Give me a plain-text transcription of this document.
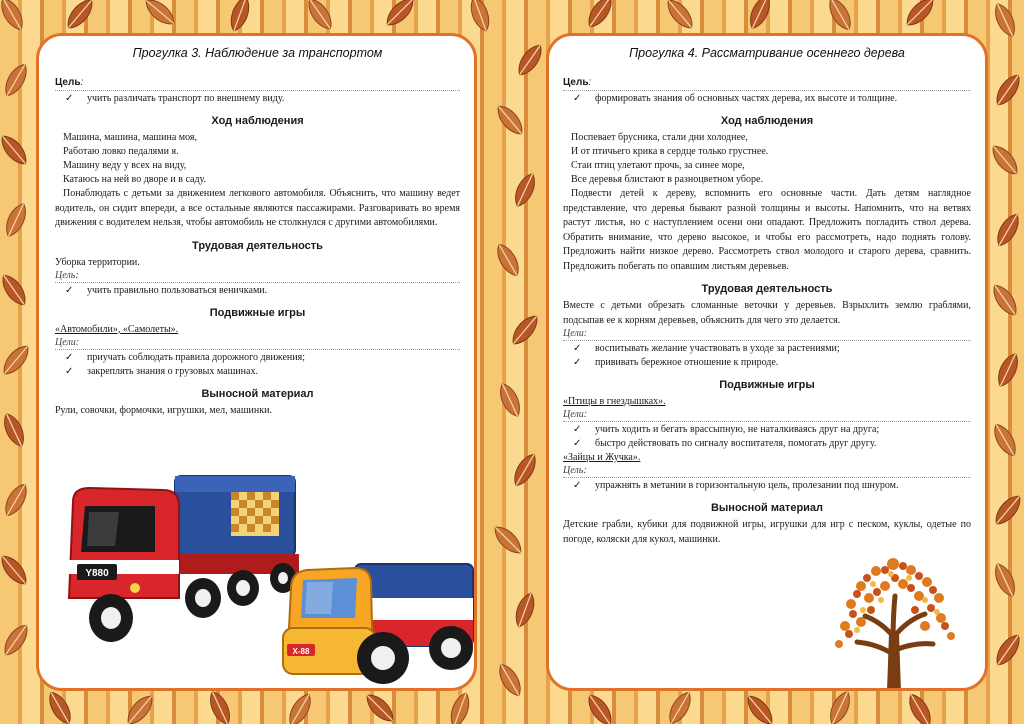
Прогулка 3. Наблюдение за транспортом
Цель:
✓ учить различать транспорт по внешнему виду.
Ход наблюдения
Машина, машина, машина моя,
Работаю ловко педалями я.
Машину веду у всех на виду,
Катаюсь на ней во дворе и в саду.
Понаблюдать с детьми за движением легкового автомобиля. Объяснить, что машину ведет водитель, он сидит впереди, а все остальные являются пассажирами. Разговаривать во время движения с водителем нельзя, чтобы автомобиль не столкнулся с другими автомобилями.
Трудовая деятельность
Уборка территории.
Цель:
✓ учить правильно пользоваться веничками.
Подвижные игры
«Автомобили», «Самолеты».
Цели:
✓ приучать соблюдать правила дорожного движения;
✓ закреплять знания о грузовых машинах.
Выносной материал
Рули, совочки, формочки, игрушки, мел, машинки.
Y880
X-88
Прогулка 4. Рассматривание осеннего дерева
Цель:
✓ формировать знания об основных частях дерева, их высоте и толщине.
Ход наблюдения
Поспевает брусника, стали дни холоднее,
И от птичьего крика в сердце только грустнее.
Стаи птиц улетают прочь, за синее море,
Все деревья блистают в разноцветном уборе.
Подвести детей к дереву, вспомнить его основные части. Дать детям наглядное представление, что деревья бывают разной толщины и высоты. Напомнить, что на ветвях растут листья, но с наступлением осени они опадают. Предложить погладить ствол дерева. Обратить внимание, что дерево высокое, и чтобы его рассмотреть, надо поднять голову. Предложить найти низкое дерево. Рассмотреть ствол молодого и старого дерева, сравнить. Предложить побегать по опавшим листьям деревьев.
Трудовая деятельность
Вместе с детьми обрезать сломанные веточки у деревьев. Взрыхлить землю граблями, подсыпав ее к корням деревьев, объяснить для чего это делается.
Цели:
✓ воспитывать желание участвовать в уходе за растениями;
✓ прививать бережное отношение к природе.
Подвижные игры
«Птицы в гнездышках».
Цели:
✓ учить ходить и бегать врассыпную, не наталкиваясь друг на друга;
✓ быстро действовать по сигналу воспитателя, помогать друг другу.
«Зайцы и Жучка».
Цель:
✓ упражнять в метании в горизонтальную цель, пролезании под шнуром.
Выносной материал
Детские грабли, кубики для подвижной игры, игрушки для игр с песком, куклы, одетые по погоде, коляски для кукол, машинки.
